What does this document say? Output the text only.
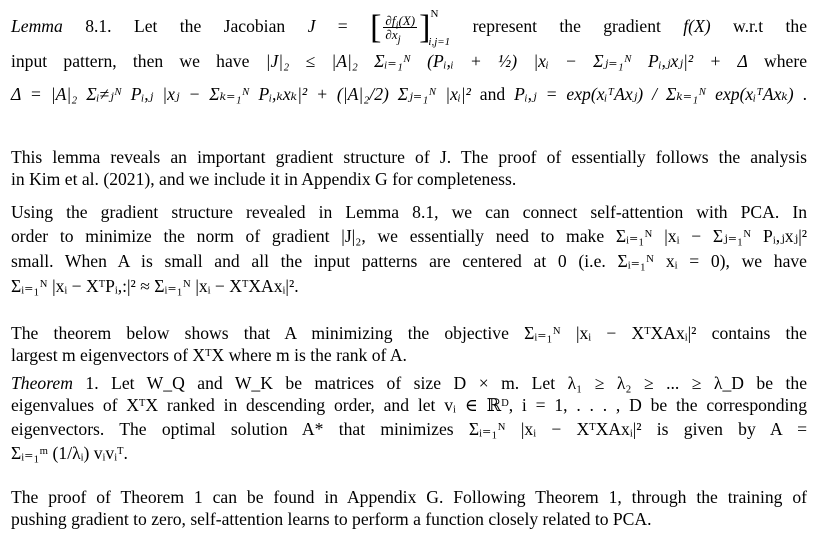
Lemma 8.1. Let the Jacobian J = [ $\frac{\partial f_i(X)}{\partial x_j} ]^N_{i,j=1}$ represent the gradient f(X) w.r.t the
input pattern, then we have |J|₂ ≤ |A|₂ Σᵢ₌₁ᴺ (Pᵢ,ᵢ + ½) |xᵢ − Σⱼ₌₁ᴺ Pᵢ,ⱼxⱼ|² + Δ where
Δ = |A|₂ Σᵢ≠ⱼᴺ Pᵢ,ⱼ |xⱼ − Σₖ₌₁ᴺ Pᵢ,ₖxₖ|² + (|A|₂/2) Σⱼ₌₁ᴺ |xᵢ|² and Pᵢ,ⱼ = exp(xᵢᵀAxⱼ) / Σₖ₌₁ᴺ exp(xᵢᵀAxₖ) .
This lemma reveals an important gradient structure of J. The proof of essentially follows the analysis
in Kim et al. (2021), and we include it in Appendix G for completeness.
Using the gradient structure revealed in Lemma 8.1, we can connect self-attention with PCA. In
order to minimize the norm of gradient |J|₂, we essentially need to make Σᵢ₌₁ᴺ |xᵢ − Σⱼ₌₁ᴺ Pᵢ,ⱼxⱼ|²
small. When A is small and all the input patterns are centered at 0 (i.e. Σᵢ₌₁ᴺ xᵢ = 0), we have
Σᵢ₌₁ᴺ |xᵢ − XᵀPᵢ,:|² ≈ Σᵢ₌₁ᴺ |xᵢ − XᵀXAxᵢ|².
The theorem below shows that A minimizing the objective Σᵢ₌₁ᴺ |xᵢ − XᵀXAxᵢ|² contains the
largest m eigenvectors of XᵀX where m is the rank of A.
Theorem 1. Let W_Q and W_K be matrices of size D × m. Let λ₁ ≥ λ₂ ≥ ... ≥ λ_D be the
eigenvalues of XᵀX ranked in descending order, and let vᵢ ∈ ℝᴰ, i = 1, . . . , D be the corresponding
eigenvectors. The optimal solution A* that minimizes Σᵢ₌₁ᴺ |xᵢ − XᵀXAxᵢ|² is given by A =
Σᵢ₌₁ᵐ (1/λᵢ) vᵢvᵢᵀ.
The proof of Theorem 1 can be found in Appendix G. Following Theorem 1, through the training of
pushing gradient to zero, self-attention learns to perform a function closely related to PCA.
